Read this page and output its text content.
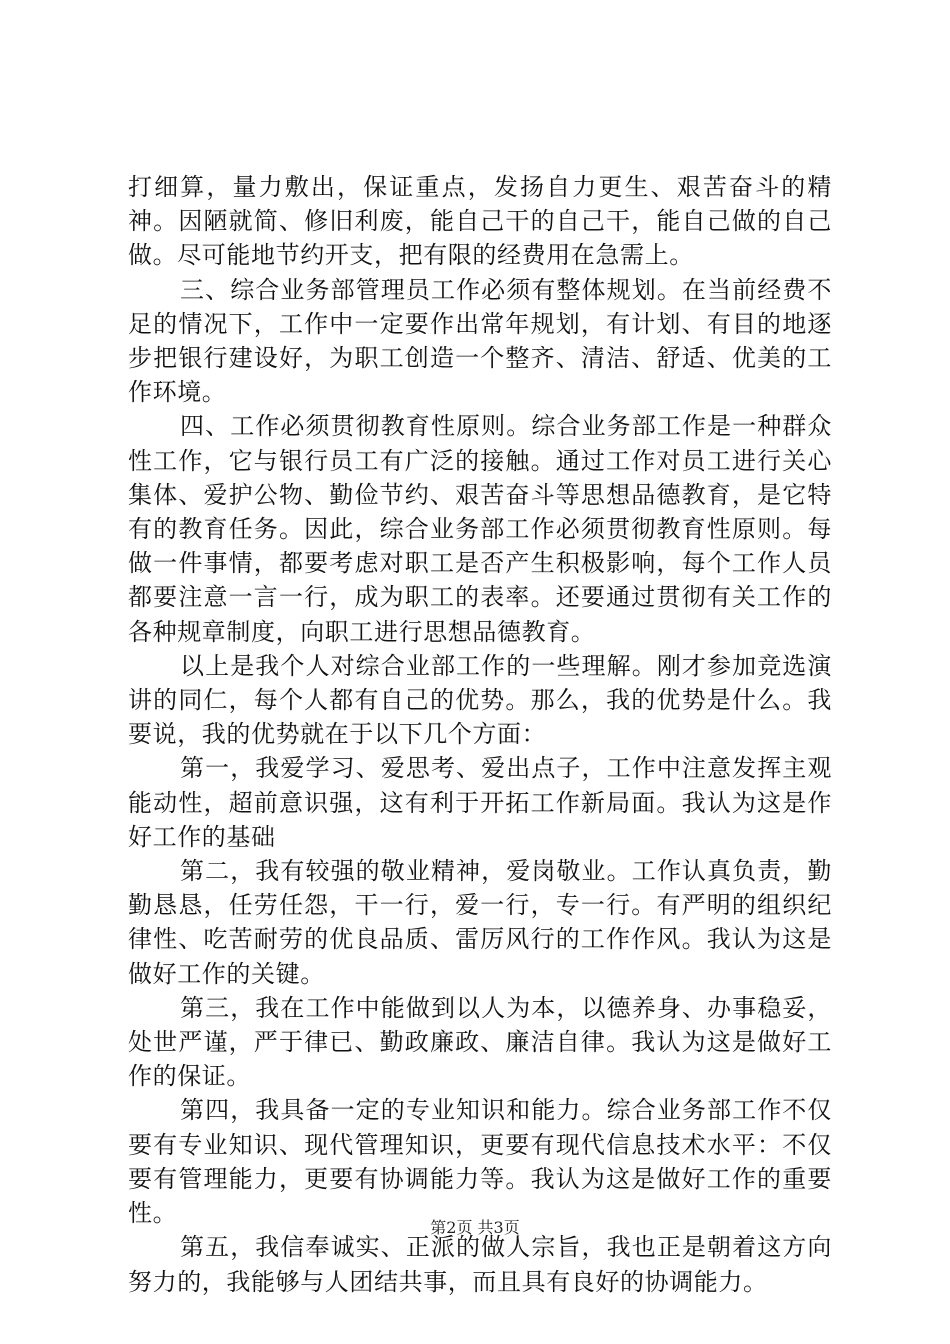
打细算，量力敷出，保证重点，发扬自力更生、艰苦奋斗的精神。因陋就简、修旧利废，能自己干的自己干，能自己做的自己做。尽可能地节约开支，把有限的经费用在急需上。

三、综合业务部管理员工作必须有整体规划。在当前经费不足的情况下，工作中一定要作出常年规划，有计划、有目的地逐步把银行建设好，为职工创造一个整齐、清洁、舒适、优美的工作环境。

四、工作必须贯彻教育性原则。综合业务部工作是一种群众性工作，它与银行员工有广泛的接触。通过工作对员工进行关心集体、爱护公物、勤俭节约、艰苦奋斗等思想品德教育，是它特有的教育任务。因此，综合业务部工作必须贯彻教育性原则。每做一件事情，都要考虑对职工是否产生积极影响，每个工作人员都要注意一言一行，成为职工的表率。还要通过贯彻有关工作的各种规章制度，向职工进行思想品德教育。

以上是我个人对综合业部工作的一些理解。刚才参加竞选演讲的同仁，每个人都有自己的优势。那么，我的优势是什么。我要说，我的优势就在于以下几个方面：

第一，我爱学习、爱思考、爱出点子，工作中注意发挥主观能动性，超前意识强，这有利于开拓工作新局面。我认为这是作好工作的基础

第二，我有较强的敬业精神，爱岗敬业。工作认真负责，勤勤恳恳，任劳任怨，干一行，爱一行，专一行。有严明的组织纪律性、吃苦耐劳的优良品质、雷厉风行的工作作风。我认为这是做好工作的关键。

第三，我在工作中能做到以人为本，以德养身、办事稳妥，处世严谨，严于律已、勤政廉政、廉洁自律。我认为这是做好工作的保证。

第四，我具备一定的专业知识和能力。综合业务部工作不仅要有专业知识、现代管理知识，更要有现代信息技术水平：不仅要有管理能力，更要有协调能力等。我认为这是做好工作的重要性。

第五，我信奉诚实、正派的做人宗旨，我也正是朝着这方向努力的，我能够与人团结共事，而且具有良好的协调能力。

第2页 共3页
